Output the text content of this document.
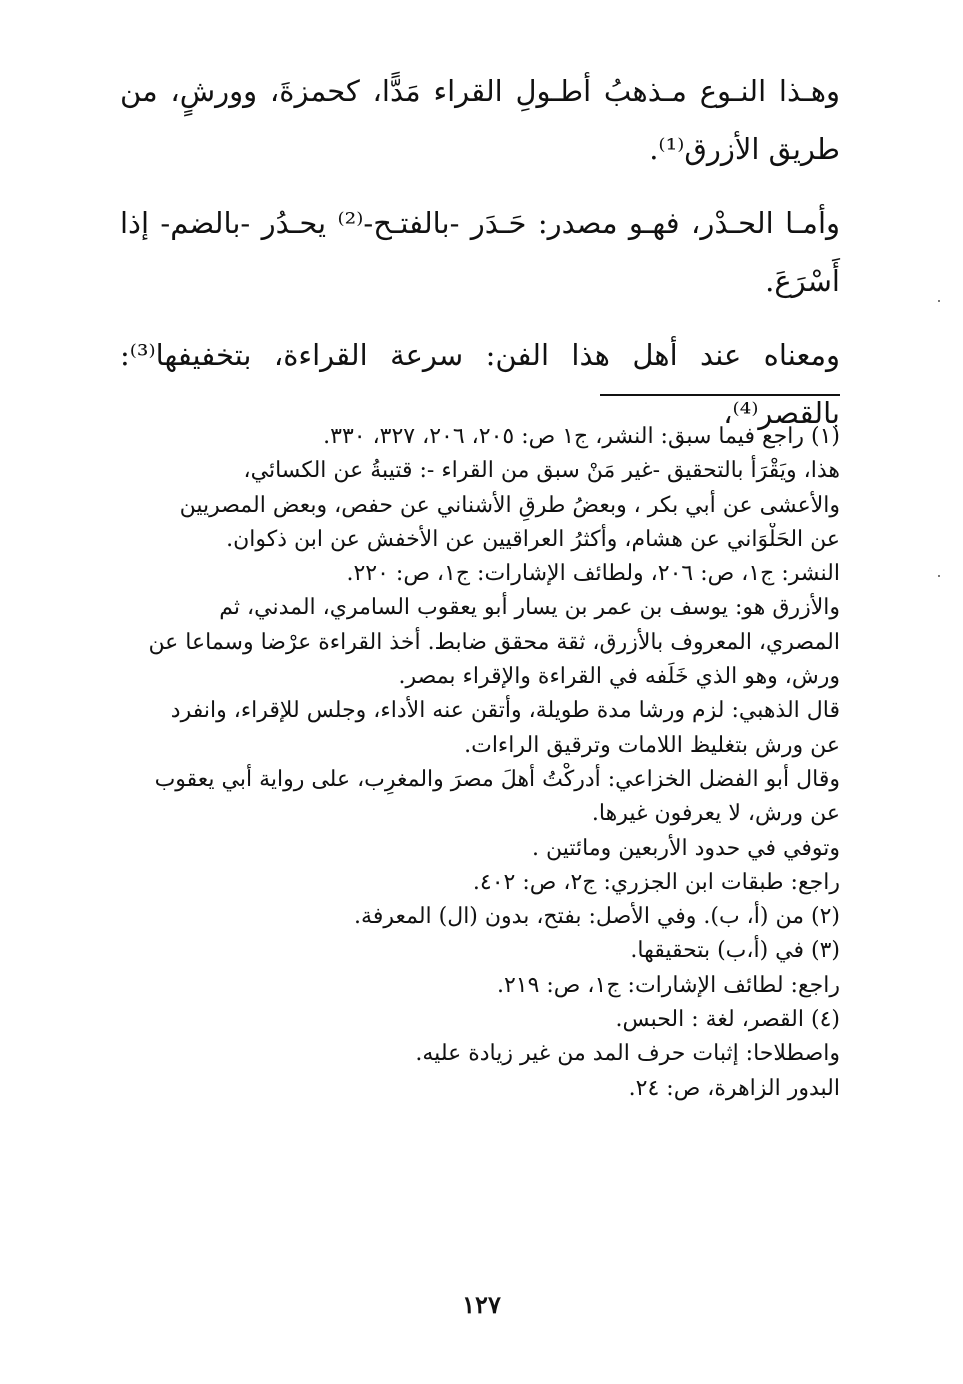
وهـذا النـوع مـذهبُ أطـولِ القراء مَدًّا، كحمزةَ، وورشٍ، من طريق الأزرق⁽¹⁾.

وأمـا الحـدْر، فهـو مصدر: حَـدَر -بالفتـح-⁽²⁾ يحـدُر -بالضم- إذا أَسْرَعَ.

ومعناه عند أهل هذا الفن: سرعة القراءة، بتخفيفها⁽³⁾: بالقصر⁽⁴⁾،

(١) راجع فيما سبق: النشر، ج١ ص: ٢٠٥، ٢٠٦، ٣٢٧، ٣٣٠.

هذا، ويَقْرَأ بالتحقيق -غير مَنْ سبق من القراء -: قتيبةُ عن الكسائي،

والأعشى عن أبي بكر ، وبعضُ طرقِ الأشناني عن حفص، وبعض المصريين

عن الحَلْوَاني عن هشام، وأكثرُ العراقيين عن الأخفش عن ابن ذكوان.

النشر: ج١، ص: ٢٠٦، ولطائف الإشارات: ج١، ص: ٢٢٠.

والأزرق هو: يوسف بن عمر بن يسار أبو يعقوب السامري، المدني، ثم

المصري، المعروف بالأزرق، ثقة محقق ضابط. أخذ القراءة عرْضا وسماعا عن

ورش، وهو الذي خَلَفه في القراءة والإقراء بمصر.

قال الذهبي: لزم ورشا مدة طويلة، وأتقن عنه الأداء، وجلس للإقراء، وانفرد

عن ورش بتغليظ اللامات وترقيق الراءات.

وقال أبو الفضل الخزاعي: أدركْتُ أهلَ مصرَ والمغرِب، على رواية أبي يعقوب

عن ورش، لا يعرفون غيرها.

وتوفي في حدود الأربعين ومائتين .

راجع: طبقات ابن الجزري: ج٢، ص: ٤٠٢.

(٢) من (أ، ب). وفي الأصل: بفتح، بدون (ال) المعرفة.

(٣) في (أ،ب) بتحقيقها.

راجع: لطائف الإشارات: ج١، ص: ٢١٩.

(٤) القصر، لغة : الحبس.

واصطلاحا: إثبات حرف المد من غير زيادة عليه.

البدور الزاهرة، ص: ٢٤.

١٢٧
